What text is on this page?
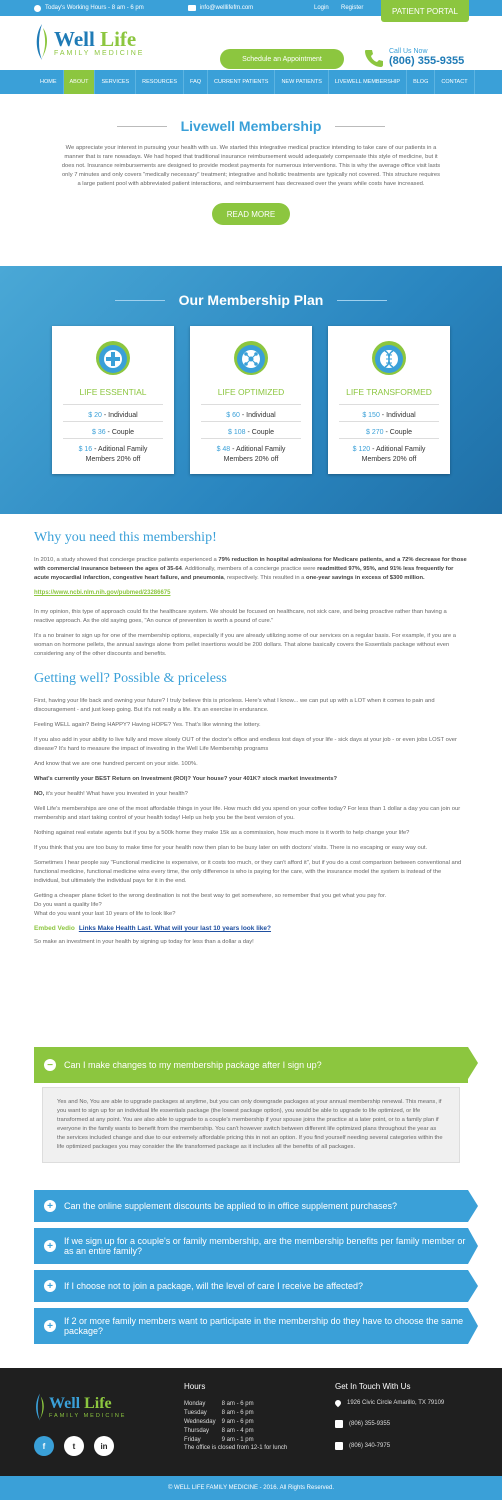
Today's Working Hours - 8 am - 6 pm	info@welllifefm.com	Login Register	PATIENT PORTAL
Well Life
FAMILY MEDICINE
Schedule an Appointment
Call Us Now
(806) 355-9355
HOME	ABOUT	SERVICES	RESOURCES	FAQ	CURRENT PATIENTS	NEW PATIENTS	LIVEWELL MEMBERSHIP	BLOG	CONTACT
Livewell Membership

We appreciate your interest in pursuing your health with us. We started this integrative medical practice intending to take care of our patients in a manner that is rare nowadays. We had hoped that traditional insurance reimbursement would adequately compensate this style of medicine, but it does not. Insurance reimbursements are designed to provide modest payments for numerous interventions. This is why the average office visit lasts only 7 minutes and only covers "medically necessary" treatment; integrative and holistic treatments are typically not covered. This structure requires a large patient pool with abbreviated patient interactions, and reimbursement has decreased over the years while costs have increased.

READ MORE
Our Membership Plan
LIFE ESSENTIAL
$ 20 - Individual
$ 36 - Couple
$ 16 - Aditional Family
Members 20% off
LIFE OPTIMIZED
$ 60 - Individual
$ 108 - Couple
$ 48 - Aditional Family
Members 20% off
LIFE TRANSFORMED
$ 150 - Individual
$ 270 - Couple
$ 120 - Aditional Family
Members 20% off
Why you need this membership!

In 2010, a study showed that concierge practice patients experienced a 79% reduction in hospital admissions for Medicare patients, and a 72% decrease for those with commercial insurance between the ages of 35-64. Additionally, members of a concierge practice were readmitted 97%, 95%, and 91% less frequently for acute myocardial infarction, congestive heart failure, and pneumonia, respectively. This resulted in a one-year savings in excess of $300 million.

https://www.ncbi.nlm.nih.gov/pubmed/23286675

In my opinion, this type of approach could fix the healthcare system. We should be focused on healthcare, not sick care, and being proactive rather than having a reactive approach. As the old saying goes, "An ounce of prevention is worth a pound of cure."

It's a no brainer to sign up for one of the membership options, especially if you are already utilizing some of our services on a regular basis. For example, if you are a woman on hormone pellets, the annual savings alone from pellet insertions would be 200 dollars. That alone basically covers the Essentials package without even considering any of the other discounts and benefits.

Getting well? Possible & priceless

First, having your life back and owning your future? I truly believe this is priceless. Here's what I know... we can put up with a LOT when it comes to pain and discouragement - and just keep going. But it's not really a life. It's an exercise in endurance.

Feeling WELL again? Being HAPPY? Having HOPE? Yes. That's like winning the lottery.

If you also add in your ability to live fully and move slowly OUT of the doctor's office and endless lost days of your life - sick days at your job - or even jobs LOST over disease? It's hard to measure the impact of investing in the Well Life Membership programs

And know that we are one hundred percent on your side. 100%.

What's currently your BEST Return on Investment (ROI)? Your house? your 401K? stock market investments?

NO, it's your health! What have you invested in your health?

Well Life's memberships are one of the most affordable things in your life. How much did you spend on your coffee today? For less than 1 dollar a day you can join our membership and start taking control of your health today! Help us help you be the best version of you.

Nothing against real estate agents but if you by a 500k home they make 15k as a commission, how much more is it worth to help change your life?

If you think that you are too busy to make time for your health now then plan to be busy later on with doctors' visits. There is no escaping or easy way out.

Sometimes I hear people say "Functional medicine is expensive, or it costs too much, or they can't afford it", but if you do a cost comparison between conventional and functional medicine, functional medicine wins every time, the only difference is who is paying for the care, with the insurance model the system is instead of the individual, but ultimately the individual pays for it in the end.

Getting a cheaper plane ticket to the wrong destination is not the best way to get somewhere, so remember that you get what you pay for.
Do you want a quality life?
What do you want your last 10 years of life to look like?

Embed Vedio Links Make Health Last. What will your last 10 years look like?

So make an investment in your health by signing up today for less than a dollar a day!

−	Can I make changes to my membership package after I sign up?
Yes and No, You are able to upgrade packages at anytime, but you can only downgrade packages at your annual membership renewal. This means, if you want to sign up for an individual life essentials package (the lowest package option), you would be able to upgrade to life optimized, or life transformed at any point. You are also able to upgrade to a couple's membership if your spouse joins the practice at a later point, or to a family plan if everyone in the family wants to benefit from the membership. You can't however switch between different life optimized plans throughout the year as the services included change and due to our extremely affordable pricing this in not an option. If you find yourself needing several categories within the life optimized packages you may consider the life transformed package as it includes all the benefits of all packages.
+	Can the online supplement discounts be applied to in office supplement purchases?
+	If we sign up for a couple's or family membership, are the membership benefits per family member or as an entire family?
+	If I choose not to join a package, will the level of care I receive be affected?
+	If 2 or more family members want to participate in the membership do they have to choose the same package?
Well Life
FAMILY MEDICINE
f	t	in
Hours
Monday	8 am - 6 pm
Tuesday	8 am - 6 pm
Wednesday	9 am - 6 pm
Thursday	8 am - 4 pm
Friday	9 am - 1 pm
The office is closed from 12-1 for lunch
Get In Touch With Us
1926 Civic Circle Amarillo, TX 79109
(806) 355-9355
(806) 340-7975
© WELL LIFE FAMILY MEDICINE - 2016. All Rights Reserved.
